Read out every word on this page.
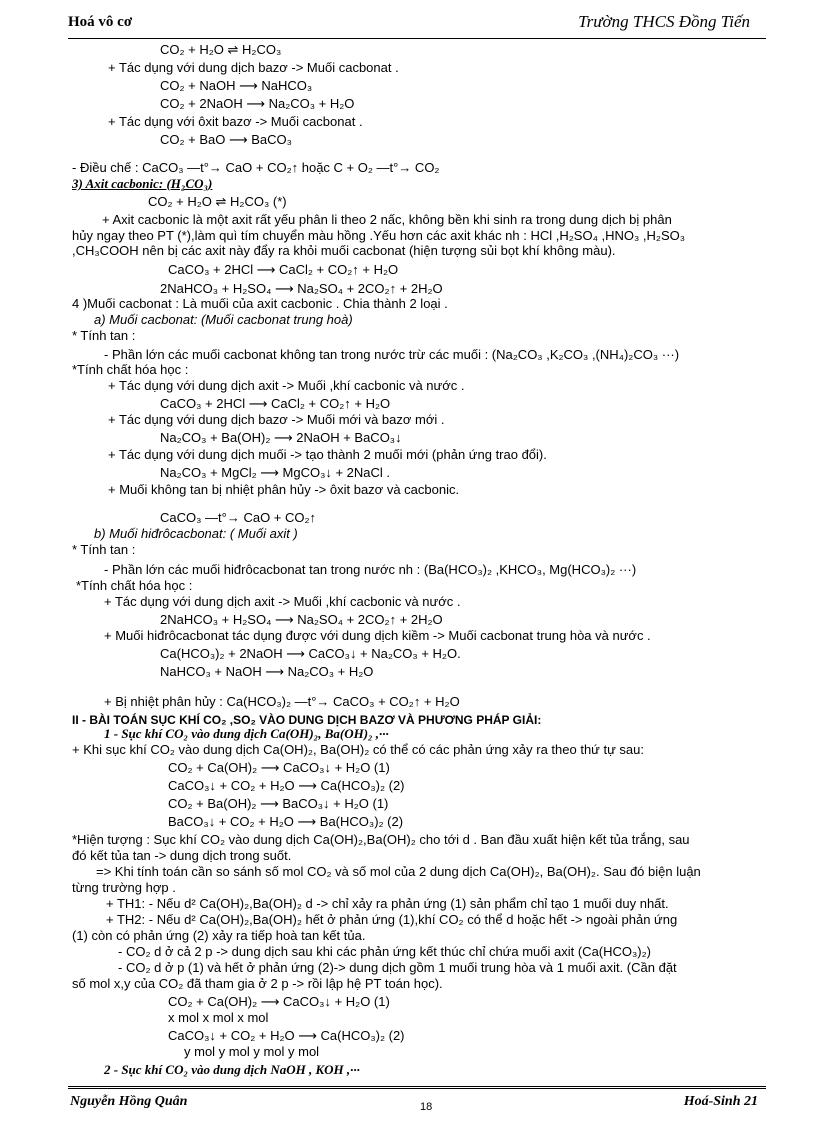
Hoá vô cơ	Trường THCS Đồng Tiến
CO₂ + H₂O ⇌ H₂CO₃
+ Tác dụng với dung dịch bazơ -> Muối cacbonat .
CO₂ + NaOH ⟶ NaHCO₃
CO₂ + 2NaOH ⟶ Na₂CO₃ + H₂O
+ Tác dụng với ôxit bazơ -> Muối cacbonat .
CO₂ + BaO ⟶ BaCO₃
- Điều chế : CaCO₃ —t°→ CaO + CO₂↑ hoặc C + O₂ —t°→ CO₂
3) Axit cacbonic: (H₂CO₃)
CO₂ + H₂O ⇌ H₂CO₃ (*)
+ Axit cacbonic là một axit rất yếu phân li theo 2 nấc, không bền khi sinh ra trong dung dịch bị phân
hủy ngay theo PT (*),làm quì tím chuyển màu hồng .Yếu hơn các axit khác nh : HCl ,H₂SO₄ ,HNO₃ ,H₂SO₃
,CH₃COOH nên bị các axit này đẩy ra khỏi muối cacbonat (hiện tượng sủi bọt khí không màu).
CaCO₃ + 2HCl ⟶ CaCl₂ + CO₂↑ + H₂O
2NaHCO₃ + H₂SO₄ ⟶ Na₂SO₄ + 2CO₂↑ + 2H₂O
4 )Muối cacbonat : Là muối của axit cacbonic . Chia thành 2 loại .
a) Muối cacbonat: (Muối cacbonat trung hoà)
* Tính tan :
- Phần lớn các muối cacbonat không tan trong nước trừ các muối : (Na₂CO₃ ,K₂CO₃ ,(NH₄)₂CO₃ ···)
*Tính chất hóa học :
+ Tác dụng với dung dịch axit -> Muối ,khí cacbonic và nước .
CaCO₃ + 2HCl ⟶ CaCl₂ + CO₂↑ + H₂O
+ Tác dụng với dung dịch bazơ -> Muối mới và bazơ mới .
Na₂CO₃ + Ba(OH)₂ ⟶ 2NaOH + BaCO₃↓
+ Tác dụng với dung dịch muối -> tạo thành 2 muối mới (phản ứng trao đổi).
Na₂CO₃ + MgCl₂ ⟶ MgCO₃↓ + 2NaCl .
+ Muối không tan bị nhiệt phân hủy -> ôxit bazơ và cacbonic.
CaCO₃ —t°→ CaO + CO₂↑
b) Muối hiđrôcacbonat: ( Muối axit )
* Tính tan :
- Phần lớn các muối hiđrôcacbonat tan trong nước nh : (Ba(HCO₃)₂ ,KHCO₃, Mg(HCO₃)₂ ···)
*Tính chất hóa học :
+ Tác dụng với dung dịch axit -> Muối ,khí cacbonic và nước .
2NaHCO₃ + H₂SO₄ ⟶ Na₂SO₄ + 2CO₂↑ + 2H₂O
+ Muối hiđrôcacbonat tác dụng được với dung dịch kiềm -> Muối cacbonat trung hòa và nước .
Ca(HCO₃)₂ + 2NaOH ⟶ CaCO₃↓ + Na₂CO₃ + H₂O.
NaHCO₃ + NaOH ⟶ Na₂CO₃ + H₂O
+ Bị nhiệt phân hủy : Ca(HCO₃)₂ —t°→ CaCO₃ + CO₂↑ + H₂O
II - BÀI TOÁN SỤC KHÍ CO₂ ,SO₂ VÀO DUNG DỊCH BAZƠ VÀ PHƯƠNG PHÁP GIẢI:
1 - Sục khí CO₂ vào dung dịch Ca(OH)₂, Ba(OH)₂ ,···
+ Khi sục khí CO₂ vào dung dịch Ca(OH)₂, Ba(OH)₂ có thể có các phản ứng xảy ra theo thứ tự sau:
CO₂ + Ca(OH)₂ ⟶ CaCO₃↓ + H₂O (1)
CaCO₃↓ + CO₂ + H₂O ⟶ Ca(HCO₃)₂ (2)
CO₂ + Ba(OH)₂ ⟶ BaCO₃↓ + H₂O (1)
BaCO₃↓ + CO₂ + H₂O ⟶ Ba(HCO₃)₂ (2)
*Hiện tượng : Sục khí CO₂ vào dung dịch Ca(OH)₂,Ba(OH)₂ cho tới d . Ban đầu xuất hiện kết tủa trắng, sau
đó kết tủa tan -> dung dịch trong suốt.
=> Khi tính toán cần so sánh số mol CO₂ và số mol của 2 dung dịch Ca(OH)₂, Ba(OH)₂. Sau đó biện luận
từng trường hợp .
+ TH1: - Nếu d² Ca(OH)₂,Ba(OH)₂ d -> chỉ xảy ra phản ứng (1) sản phẩm chỉ tạo 1 muối duy nhất.
+ TH2: - Nếu d² Ca(OH)₂,Ba(OH)₂ hết ở phản ứng (1),khí CO₂ có thể d hoặc hết -> ngoài phản ứng
(1) còn có phản ứng (2) xảy ra tiếp hoà tan kết tủa.
- CO₂ d ở cả 2 p -> dung dịch sau khi các phản ứng kết thúc chỉ chứa muối axit (Ca(HCO₃)₂)
- CO₂ d ở p (1) và hết ở phản ứng (2)-> dung dịch gồm 1 muối trung hòa và 1 muối axit. (Cần đặt
số mol x,y của CO₂ đã tham gia ở 2 p -> rồi lập hệ PT toán học).
CO₂ + Ca(OH)₂ ⟶ CaCO₃↓ + H₂O (1)
x mol x mol x mol
CaCO₃↓ + CO₂ + H₂O ⟶ Ca(HCO₃)₂ (2)
y mol y mol y mol y mol
2 - Sục khí CO₂ vào dung dịch NaOH , KOH ,···
Nguyễn Hồng Quân	18	Hoá-Sinh 21
